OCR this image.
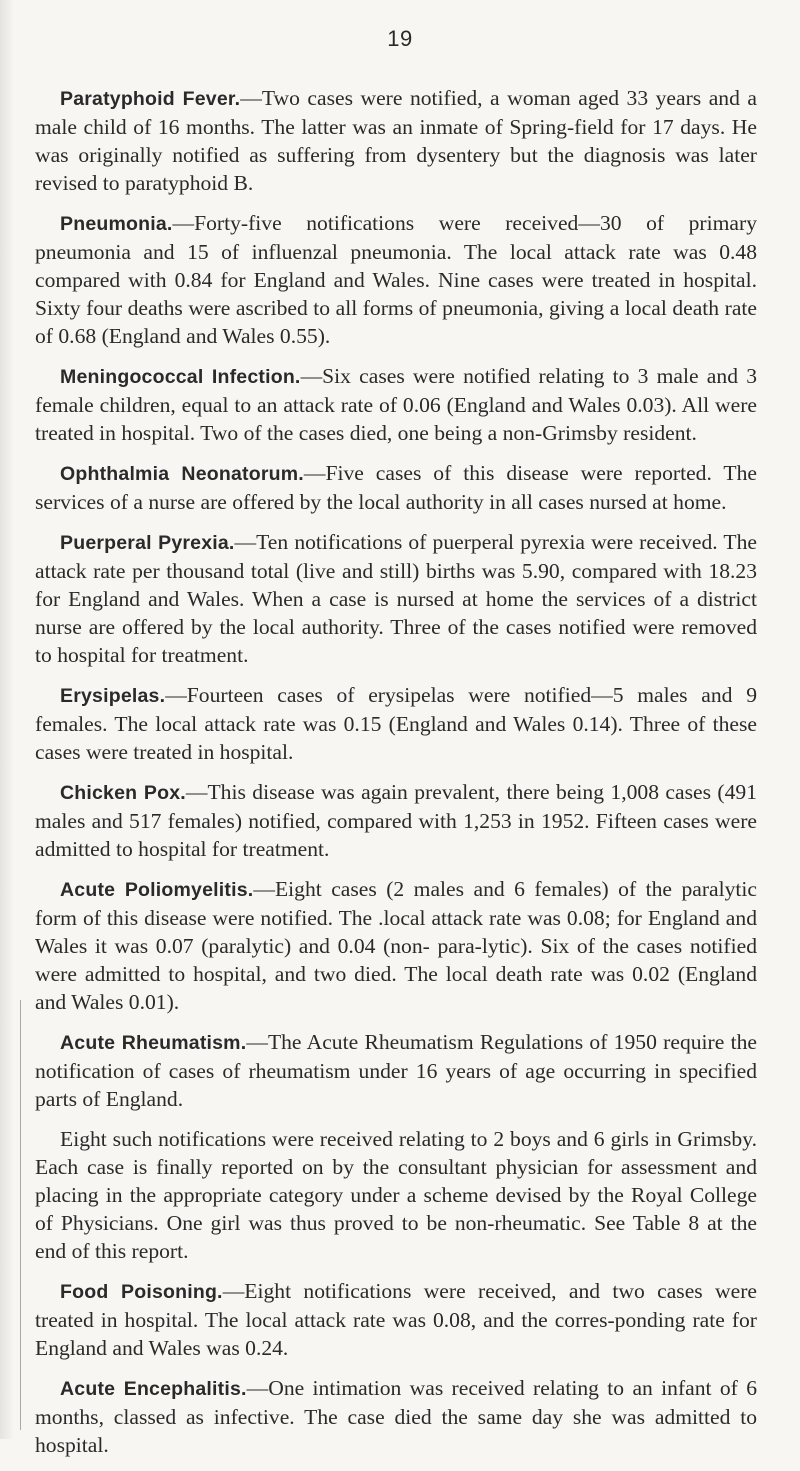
19

Paratyphoid Fever.—Two cases were notified, a woman aged 33 years and a male child of 16 months. The latter was an inmate of Spring-field for 17 days. He was originally notified as suffering from dysentery but the diagnosis was later revised to paratyphoid B.

Pneumonia.—Forty-five notifications were received—30 of primary pneumonia and 15 of influenzal pneumonia. The local attack rate was 0.48 compared with 0.84 for England and Wales. Nine cases were treated in hospital. Sixty four deaths were ascribed to all forms of pneumonia, giving a local death rate of 0.68 (England and Wales 0.55).

Meningococcal Infection.—Six cases were notified relating to 3 male and 3 female children, equal to an attack rate of 0.06 (England and Wales 0.03). All were treated in hospital. Two of the cases died, one being a non-Grimsby resident.

Ophthalmia Neonatorum.—Five cases of this disease were reported. The services of a nurse are offered by the local authority in all cases nursed at home.

Puerperal Pyrexia.—Ten notifications of puerperal pyrexia were received. The attack rate per thousand total (live and still) births was 5.90, compared with 18.23 for England and Wales. When a case is nursed at home the services of a district nurse are offered by the local authority. Three of the cases notified were removed to hospital for treatment.

Erysipelas.—Fourteen cases of erysipelas were notified—5 males and 9 females. The local attack rate was 0.15 (England and Wales 0.14). Three of these cases were treated in hospital.

Chicken Pox.—This disease was again prevalent, there being 1,008 cases (491 males and 517 females) notified, compared with 1,253 in 1952. Fifteen cases were admitted to hospital for treatment.

Acute Poliomyelitis.—Eight cases (2 males and 6 females) of the paralytic form of this disease were notified. The .local attack rate was 0.08; for England and Wales it was 0.07 (paralytic) and 0.04 (non- para-lytic). Six of the cases notified were admitted to hospital, and two died. The local death rate was 0.02 (England and Wales 0.01).

Acute Rheumatism.—The Acute Rheumatism Regulations of 1950 require the notification of cases of rheumatism under 16 years of age occurring in specified parts of England.

Eight such notifications were received relating to 2 boys and 6 girls in Grimsby. Each case is finally reported on by the consultant physician for assessment and placing in the appropriate category under a scheme devised by the Royal College of Physicians. One girl was thus proved to be non-rheumatic. See Table 8 at the end of this report.

Food Poisoning.—Eight notifications were received, and two cases were treated in hospital. The local attack rate was 0.08, and the corres-ponding rate for England and Wales was 0.24.

Acute Encephalitis.—One intimation was received relating to an infant of 6 months, classed as infective. The case died the same day she was admitted to hospital.
